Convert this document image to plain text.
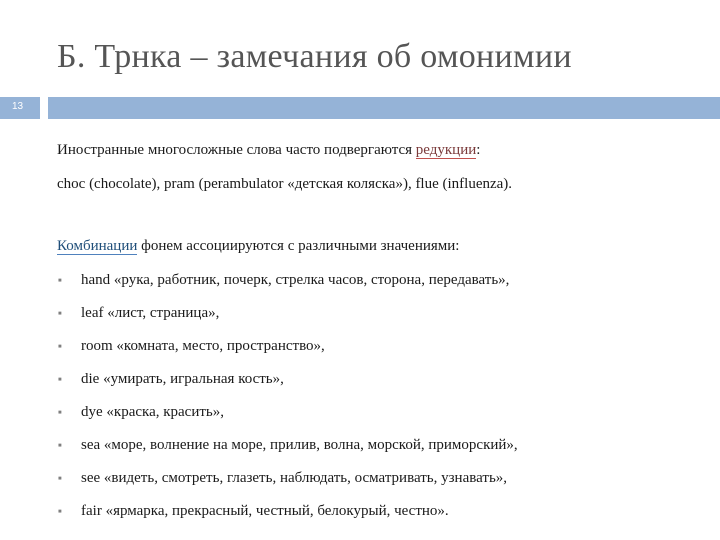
Б. Трнка – замечания об омонимии
13
Иностранные многосложные слова часто подвергаются редукции:
choc (chocolate), pram (perambulator «детская коляска»), flue (influenza).
Комбинации фонем ассоциируются с различными значениями:
■ hand «рука, работник, почерк, стрелка часов, сторона, передавать»,
■ leaf «лист, страница»,
■ room «комната, место, пространство»,
■ die «умирать, игральная кость»,
■ dye «краска, красить»,
■ sea «море, волнение на море, прилив, волна, морской, приморский»,
■ see «видеть, смотреть, глазеть, наблюдать, осматривать, узнавать»,
■ fair «ярмарка, прекрасный, честный, белокурый, честно».
